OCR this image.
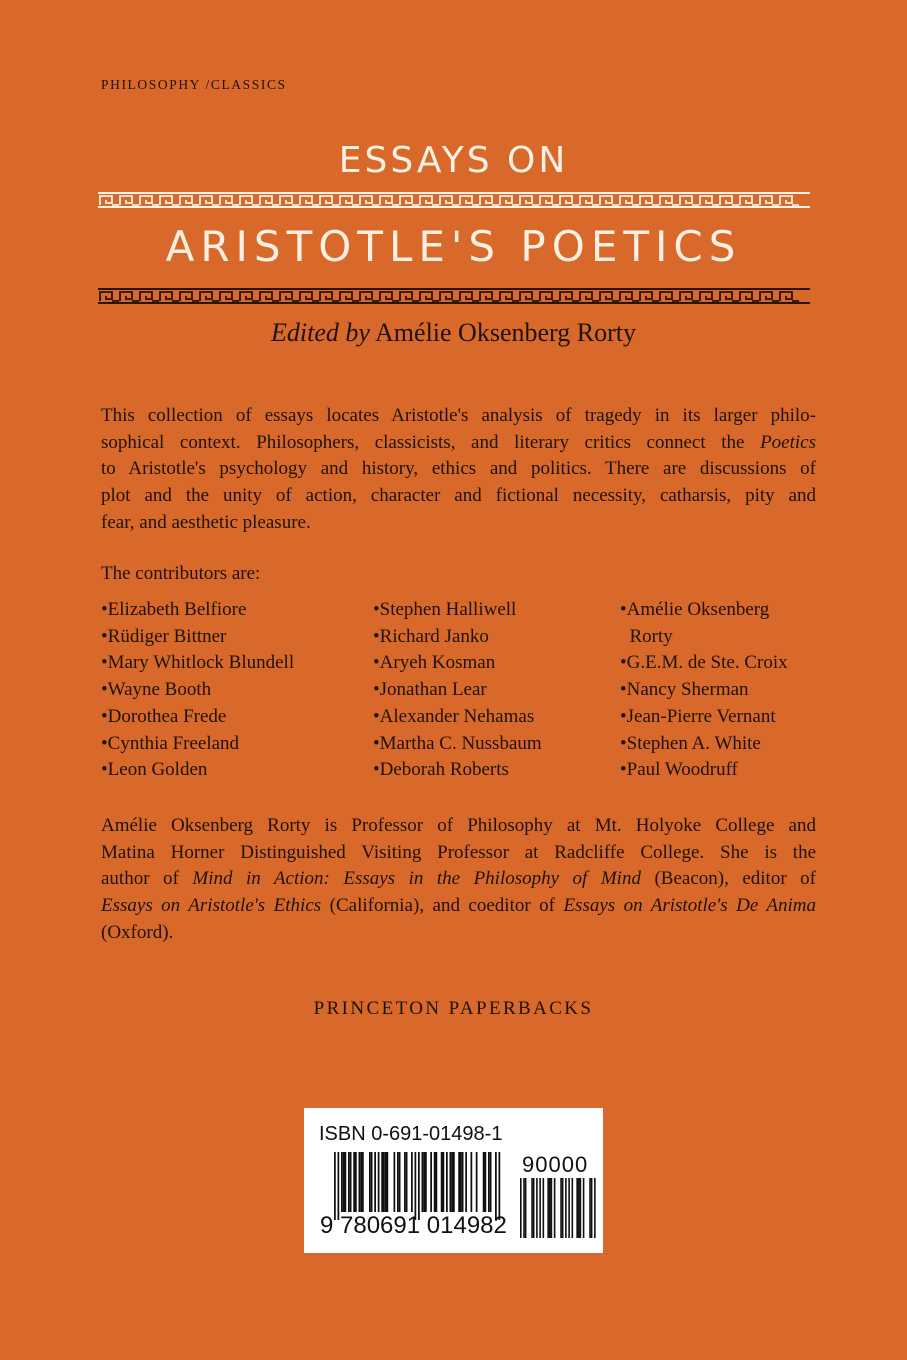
PHILOSOPHY /CLASSICS
ESSAYS ON
ARISTOTLE'S POETICS
Edited by Amélie Oksenberg Rorty
This collection of essays locates Aristotle's analysis of tragedy in its larger philo-
sophical context. Philosophers, classicists, and literary critics connect the Poetics
to Aristotle's psychology and history, ethics and politics. There are discussions of
plot and the unity of action, character and fictional necessity, catharsis, pity and
fear, and aesthetic pleasure.
The contributors are:
•Elizabeth Belfiore
•Rüdiger Bittner
•Mary Whitlock Blundell
•Wayne Booth
•Dorothea Frede
•Cynthia Freeland
•Leon Golden
•Stephen Halliwell
•Richard Janko
•Aryeh Kosman
•Jonathan Lear
•Alexander Nehamas
•Martha C. Nussbaum
•Deborah Roberts
•Amélie Oksenberg
Rorty
•G.E.M. de Ste. Croix
•Nancy Sherman
•Jean-Pierre Vernant
•Stephen A. White
•Paul Woodruff
Amélie Oksenberg Rorty is Professor of Philosophy at Mt. Holyoke College and
Matina Horner Distinguished Visiting Professor at Radcliffe College. She is the
author of Mind in Action: Essays in the Philosophy of Mind (Beacon), editor of
Essays on Aristotle's Ethics (California), and coeditor of Essays on Aristotle's De Anima
(Oxford).
PRINCETON PAPERBACKS
ISBN 0-691-01498-1
90000
9 780691 014982
